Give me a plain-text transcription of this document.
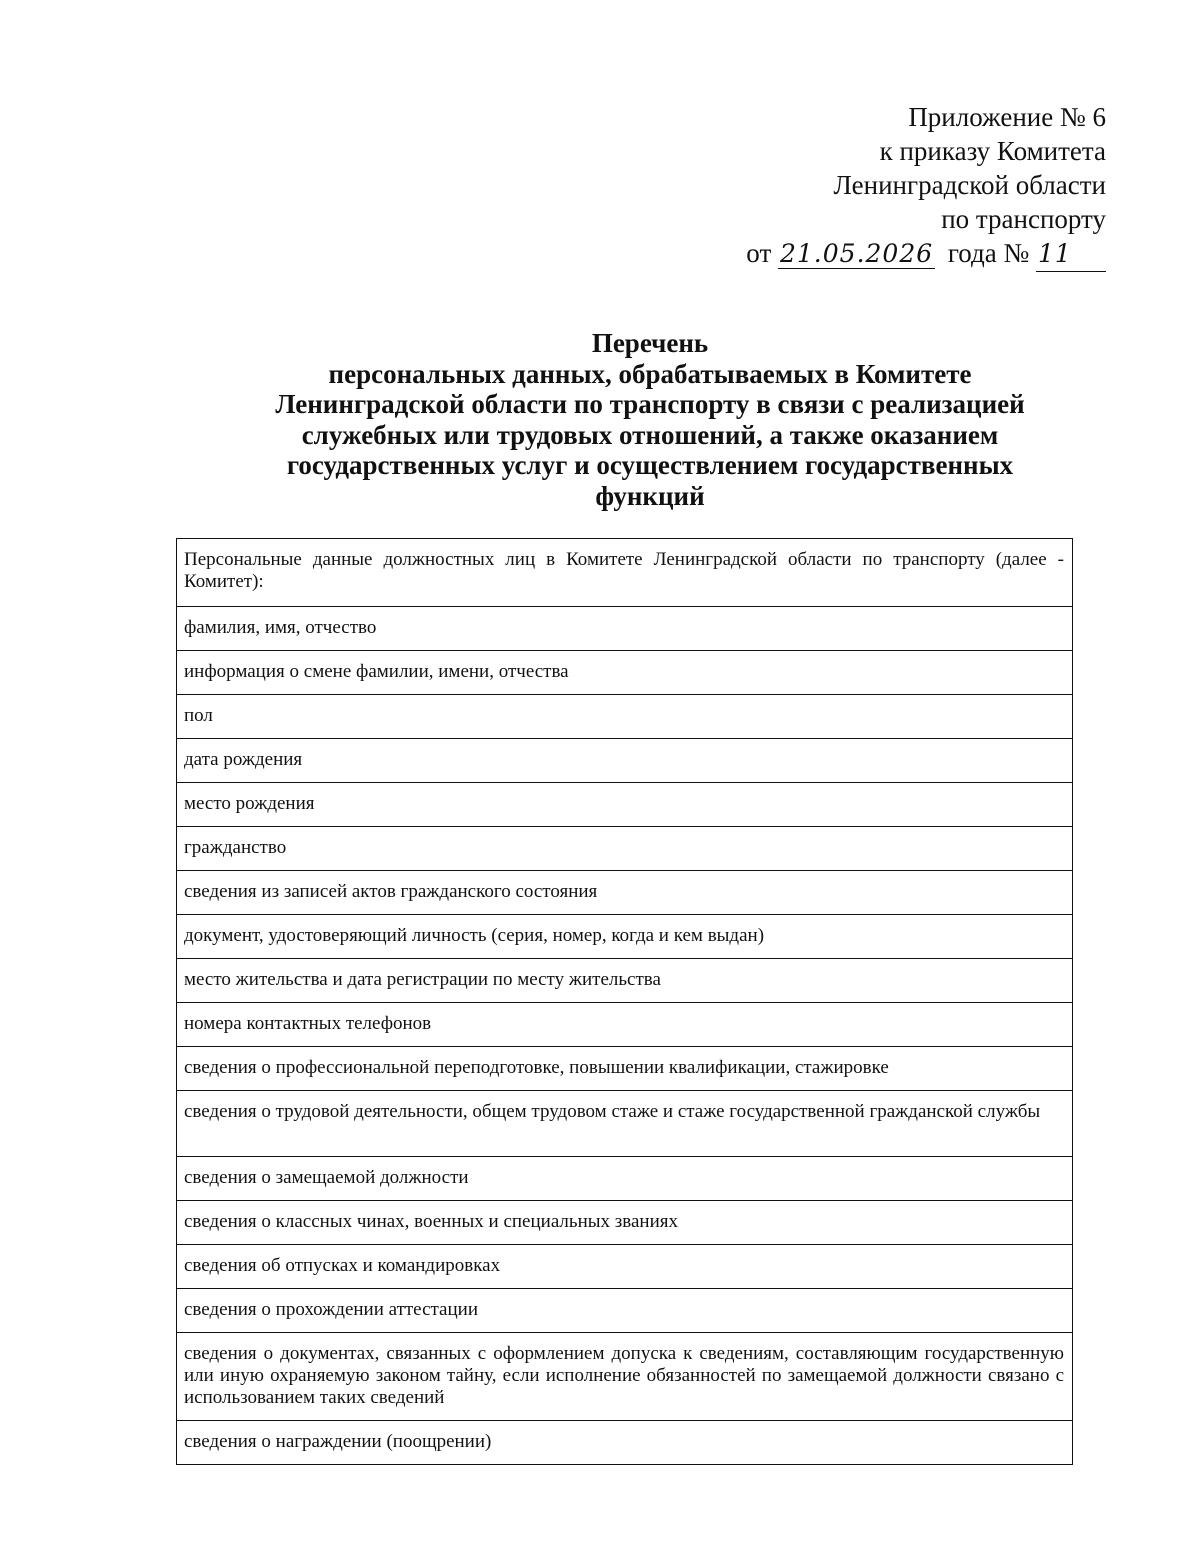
Приложение № 6
к приказу Комитета
Ленинградской области
по транспорту
от 21.05.2026 года № 11
Перечень
персональных данных, обрабатываемых в Комитете
Ленинградской области по транспорту в связи с реализацией
служебных или трудовых отношений, а также оказанием
государственных услуг и осуществлением государственных
функций
Персональные данные должностных лиц в Комитете Ленинградской области по транспорту (далее - Комитет):
фамилия, имя, отчество
информация о смене фамилии, имени, отчества
пол
дата рождения
место рождения
гражданство
сведения из записей актов гражданского состояния
документ, удостоверяющий личность (серия, номер, когда и кем выдан)
место жительства и дата регистрации по месту жительства
номера контактных телефонов
сведения о профессиональной переподготовке, повышении квалификации, стажировке
сведения о трудовой деятельности, общем трудовом стаже и стаже государственной гражданской службы
сведения о замещаемой должности
сведения о классных чинах, военных и специальных званиях
сведения об отпусках и командировках
сведения о прохождении аттестации
сведения о документах, связанных с оформлением допуска к сведениям, составляющим государственную или иную охраняемую законом тайну, если исполнение обязанностей по замещаемой должности связано с использованием таких сведений
сведения о награждении (поощрении)
